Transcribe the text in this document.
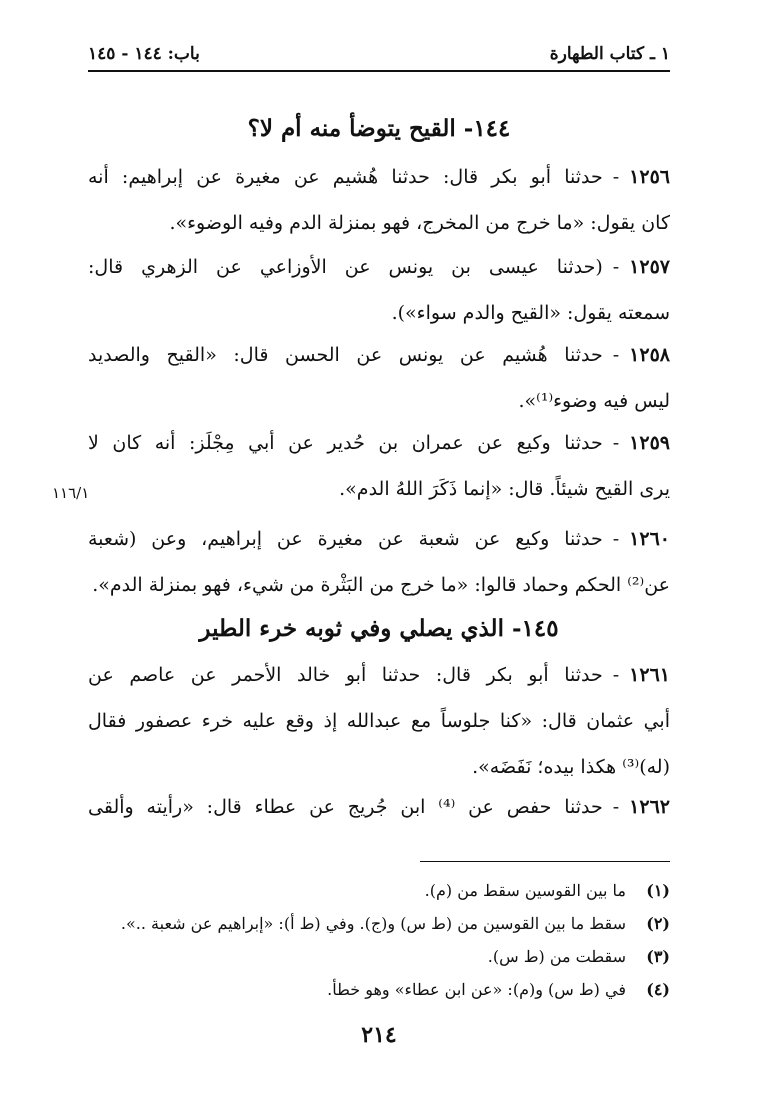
١ ـ كتاب الطهارة
باب: ١٤٤ - ١٤٥
١٤٤- القيح يتوضأ منه أم لا؟
١٢٥٦-حدثنا أبو بكر قال: حدثنا هُشيم عن مغيرة عن إبراهيم: أنه
كان يقول: «ما خرج من المخرج، فهو بمنزلة الدم وفيه الوضوء».
١٢٥٧-(حدثنا عيسى بن يونس عن الأوزاعي عن الزهري قال:
سمعته يقول: «القيح والدم سواء»).
١٢٥٨-حدثنا هُشيم عن يونس عن الحسن قال: «القيح والصديد
ليس فيه وضوء⁽¹⁾».
١٢٥٩-حدثنا وكيع عن عمران بن حُدير عن أبي مِجْلَز: أنه كان لا
يرى القيح شيئاً. قال: «إنما ذَكَرَ اللهُ الدم».
١١٦/١
١٢٦٠-حدثنا وكيع عن شعبة عن مغيرة عن إبراهيم، وعن (شعبة
عن⁽²⁾ الحكم وحماد قالوا: «ما خرج من البَثْرة من شيء، فهو بمنزلة الدم».
١٤٥- الذي يصلي وفي ثوبه خرء الطير
١٢٦١-حدثنا أبو بكر قال: حدثنا أبو خالد الأحمر عن عاصم عن
أبي عثمان قال: «كنا جلوساً مع عبدالله إذ وقع عليه خرء عصفور فقال
(له)⁽³⁾ هكذا بيده؛ نَفَضَه».
١٢٦٢-حدثنا حفص عن ⁽⁴⁾ ابن جُريج عن عطاء قال: «رأيته وألقى
(١)
ما بين القوسين سقط من (م).
(٢)
سقط ما بين القوسين من (ط س) و(ج). وفي (ط أ): «إبراهيم عن شعبة ..».
(٣)
سقطت من (ط س).
(٤)
في (ط س) و(م): «عن ابن عطاء» وهو خطأ.
٢١٤
